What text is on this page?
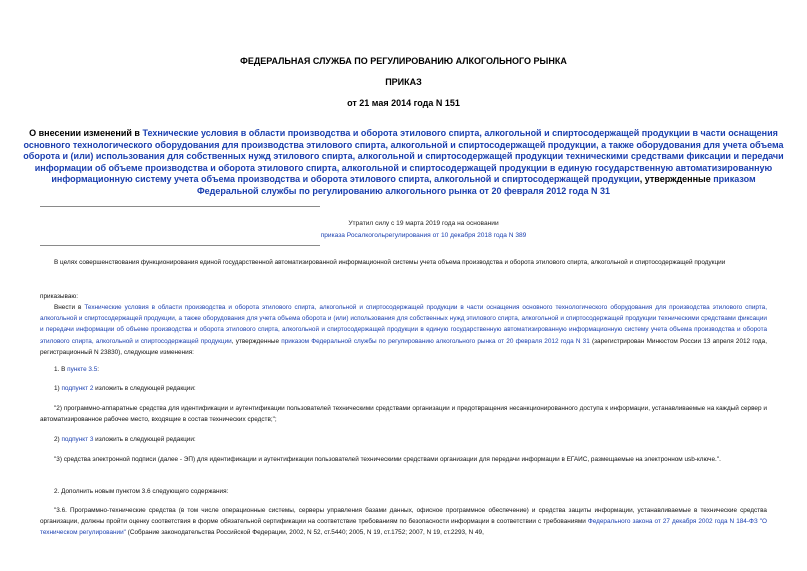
ФЕДЕРАЛЬНАЯ СЛУЖБА ПО РЕГУЛИРОВАНИЮ АЛКОГОЛЬНОГО РЫНКА
ПРИКАЗ
от 21 мая 2014 года N 151
О внесении изменений в Технические условия в области производства и оборота этилового спирта, алкогольной и спиртосодержащей продукции в части оснащения основного технологического оборудования для производства этилового спирта, алкогольной и спиртосодержащей продукции, а также оборудования для учета объема оборота и (или) использования для собственных нужд этилового спирта, алкогольной и спиртосодержащей продукции техническими средствами фиксации и передачи информации об объеме производства и оборота этилового спирта, алкогольной и спиртосодержащей продукции в единую государственную автоматизированную информационную систему учета объема производства и оборота этилового спирта, алкогольной и спиртосодержащей продукции, утвержденные приказом Федеральной службы по регулированию алкогольного рынка от 20 февраля 2012 года N 31
Утратил силу с 19 марта 2019 года на основании
приказа Росалкогольрегулирования от 10 декабря 2018 года N 389
В целях совершенствования функционирования единой государственной автоматизированной информационной системы учета объема производства и оборота этилового спирта, алкогольной и спиртосодержащей продукции
приказываю:
Внести в Технические условия в области производства и оборота этилового спирта, алкогольной и спиртосодержащей продукции в части оснащения основного технологического оборудования для производства этилового спирта, алкогольной и спиртосодержащей продукции, а также оборудования для учета объема оборота и (или) использования для собственных нужд этилового спирта, алкогольной и спиртосодержащей продукции техническими средствами фиксации и передачи информации об объеме производства и оборота этилового спирта, алкогольной и спиртосодержащей продукции в единую государственную автоматизированную информационную систему учета объема производства и оборота этилового спирта, алкогольной и спиртосодержащей продукции, утвержденные приказом Федеральной службы по регулированию алкогольного рынка от 20 февраля 2012 года N 31 (зарегистрирован Минюстом России 13 апреля 2012 года, регистрационный N 23830), следующие изменения:
1. В пункте 3.5:
1) подпункт 2 изложить в следующей редакции:
"2) программно-аппаратные средства для идентификации и аутентификации пользователей техническими средствами организации и предотвращения несанкционированного доступа к информации, устанавливаемые на каждый сервер и автоматизированное рабочее место, входящие в состав технических средств;";
2) подпункт 3 изложить в следующей редакции:
"3) средства электронной подписи (далее - ЭП) для идентификации и аутентификации пользователей техническими средствами организации для передачи информации в ЕГАИС, размещаемые на электронном usb-ключе.".
2. Дополнить новым пунктом 3.6 следующего содержания:
"3.6. Программно-технические средства (в том числе операционные системы, серверы управления базами данных, офисное программное обеспечение) и средства защиты информации, устанавливаемые в технические средства организации, должны пройти оценку соответствия в форме обязательной сертификации на соответствие требованиям по безопасности информации в соответствии с требованиями Федерального закона от 27 декабря 2002 года N 184-ФЗ "О техническом регулировании" (Собрание законодательства Российской Федерации, 2002, N 52, ст.5440; 2005, N 19, ст.1752; 2007, N 19, ст.2293, N 49,
